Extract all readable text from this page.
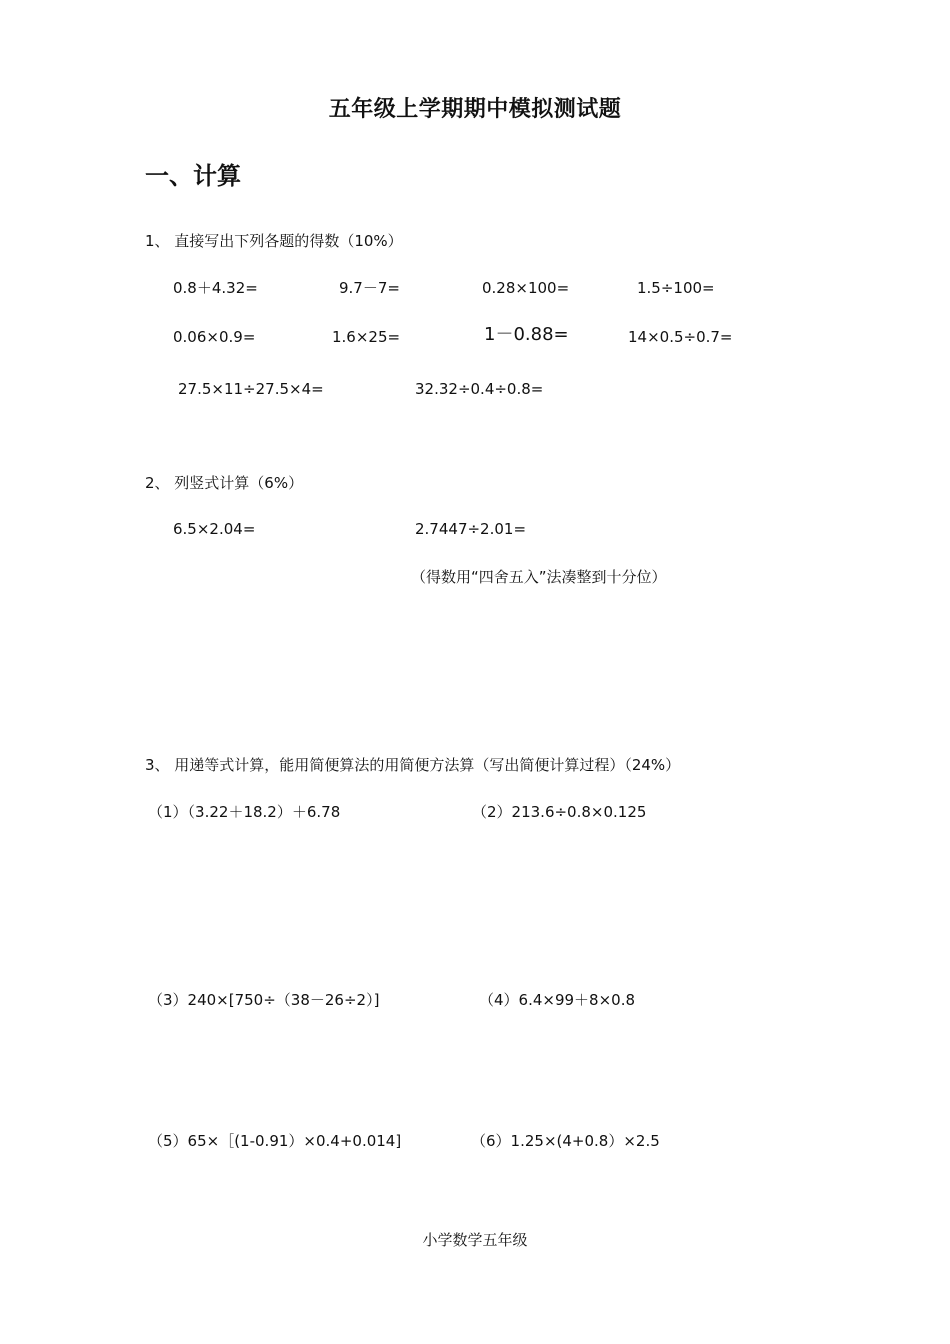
五年级上学期期中模拟测试题
一、计算
1、 直接写出下列各题的得数（10%）
0.8＋4.32=	9.7－7=	0.28×100=	1.5÷100=
0.06×0.9=	1.6×25=	1－0.88=	14×0.5÷0.7=
27.5×11÷27.5×4=	32.32÷0.4÷0.8=
2、 列竖式计算（6%）
6.5×2.04=	2.7447÷2.01=
（得数用“四舍五入”法凑整到十分位）
3、 用递等式计算，能用简便算法的用简便方法算（写出简便计算过程）（24%）
（1）（3.22＋18.2）＋6.78	（2）213.6÷0.8×0.125
（3）240×[750÷（38－26÷2）]	（4）6.4×99＋8×0.8
（5）65×［(1-0.91）×0.4+0.014]	（6）1.25×(4+0.8）×2.5
小学数学五年级
